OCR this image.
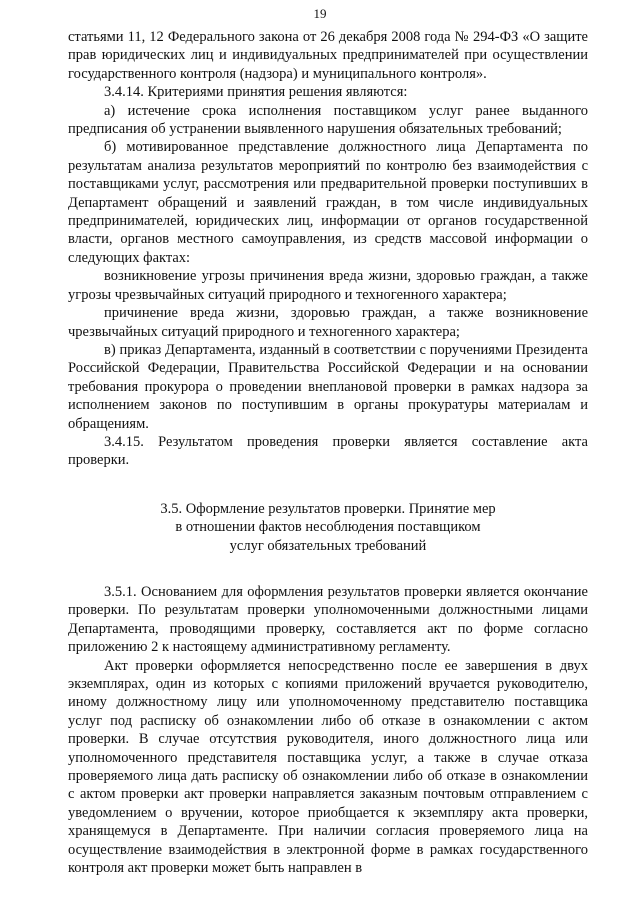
19

статьями 11, 12 Федерального закона от 26 декабря 2008 года № 294-ФЗ «О защите прав юридических лиц и индивидуальных предпринимателей при осуществлении государственного контроля (надзора) и муниципального контроля».

3.4.14. Критериями принятия решения являются:

а) истечение срока исполнения поставщиком услуг ранее выданного предписания об устранении выявленного нарушения обязательных требований;

б) мотивированное представление должностного лица Департамента по результатам анализа результатов мероприятий по контролю без взаимодействия с поставщиками услуг, рассмотрения или предварительной проверки поступивших в Департамент обращений и заявлений граждан, в том числе индивидуальных предпринимателей, юридических лиц, информации от органов государственной власти, органов местного самоуправления, из средств массовой информации о следующих фактах:

возникновение угрозы причинения вреда жизни, здоровью граждан, а также угрозы чрезвычайных ситуаций природного и техногенного характера;

причинение вреда жизни, здоровью граждан, а также возникновение чрезвычайных ситуаций природного и техногенного характера;

в) приказ Департамента, изданный в соответствии с поручениями Президента Российской Федерации, Правительства Российской Федерации и на основании требования прокурора о проведении внеплановой проверки в рамках надзора за исполнением законов по поступившим в органы прокуратуры материалам и обращениям.

3.4.15. Результатом проведения проверки является составление акта проверки.

3.5. Оформление результатов проверки. Принятие мер
в отношении фактов несоблюдения поставщиком
услуг обязательных требований

3.5.1. Основанием для оформления результатов проверки является окончание проверки. По результатам проверки уполномоченными должностными лицами Департамента, проводящими проверку, составляется акт по форме согласно приложению 2 к настоящему административному регламенту.

Акт проверки оформляется непосредственно после ее завершения в двух экземплярах, один из которых с копиями приложений вручается руководителю, иному должностному лицу или уполномоченному представителю поставщика услуг под расписку об ознакомлении либо об отказе в ознакомлении с актом проверки. В случае отсутствия руководителя, иного должностного лица или уполномоченного представителя поставщика услуг, а также в случае отказа проверяемого лица дать расписку об ознакомлении либо об отказе в ознакомлении с актом проверки акт проверки направляется заказным почтовым отправлением с уведомлением о вручении, которое приобщается к экземпляру акта проверки, хранящемуся в Департаменте. При наличии согласия проверяемого лица на осуществление взаимодействия в электронной форме в рамках государственного контроля акт проверки может быть направлен в
